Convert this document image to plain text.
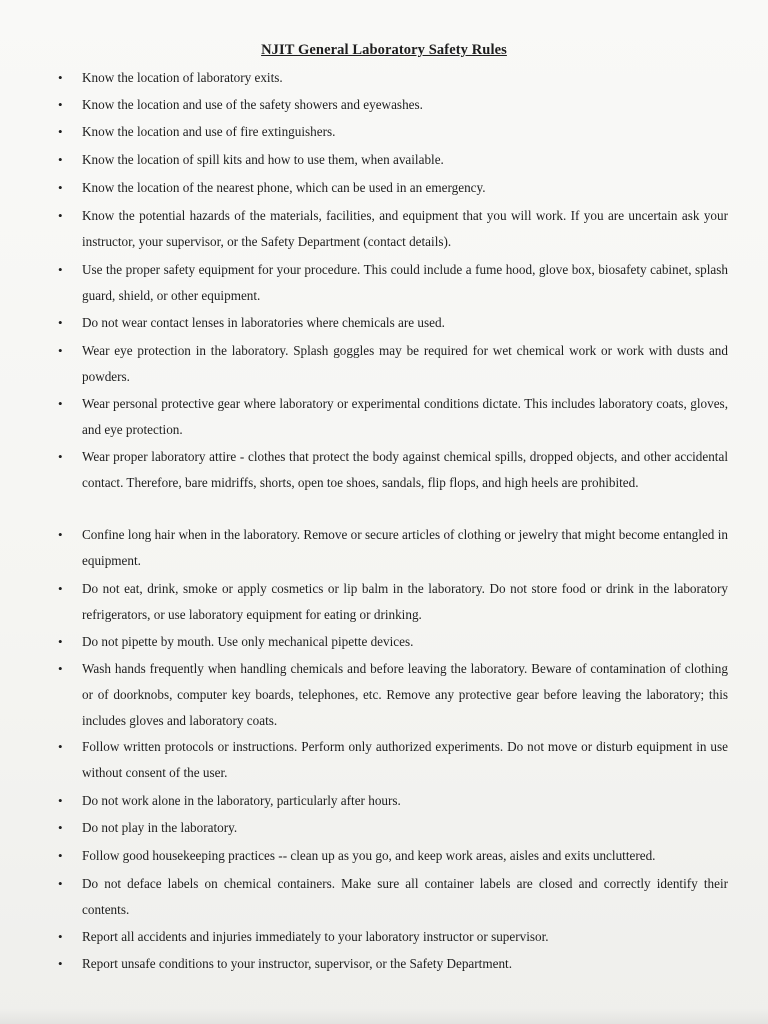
NJIT General Laboratory Safety Rules
• Know the location of laboratory exits.
• Know the location and use of the safety showers and eyewashes.
• Know the location and use of fire extinguishers.
• Know the location of spill kits and how to use them, when available.
• Know the location of the nearest phone, which can be used in an emergency.
• Know the potential hazards of the materials, facilities, and equipment that you will work. If you are uncertain ask your instructor, your supervisor, or the Safety Department (contact details).
• Use the proper safety equipment for your procedure. This could include a fume hood, glove box, biosafety cabinet, splash guard, shield, or other equipment.
• Do not wear contact lenses in laboratories where chemicals are used.
• Wear eye protection in the laboratory. Splash goggles may be required for wet chemical work or work with dusts and powders.
• Wear personal protective gear where laboratory or experimental conditions dictate. This includes laboratory coats, gloves, and eye protection.
• Wear proper laboratory attire - clothes that protect the body against chemical spills, dropped objects, and other accidental contact. Therefore, bare midriffs, shorts, open toe shoes, sandals, flip flops, and high heels are prohibited.
• Confine long hair when in the laboratory. Remove or secure articles of clothing or jewelry that might become entangled in equipment.
• Do not eat, drink, smoke or apply cosmetics or lip balm in the laboratory. Do not store food or drink in the laboratory refrigerators, or use laboratory equipment for eating or drinking.
• Do not pipette by mouth. Use only mechanical pipette devices.
• Wash hands frequently when handling chemicals and before leaving the laboratory. Beware of contamination of clothing or of doorknobs, computer key boards, telephones, etc. Remove any protective gear before leaving the laboratory; this includes gloves and laboratory coats.
• Follow written protocols or instructions. Perform only authorized experiments. Do not move or disturb equipment in use without consent of the user.
• Do not work alone in the laboratory, particularly after hours.
• Do not play in the laboratory.
• Follow good housekeeping practices -- clean up as you go, and keep work areas, aisles and exits uncluttered.
• Do not deface labels on chemical containers. Make sure all container labels are closed and correctly identify their contents.
• Report all accidents and injuries immediately to your laboratory instructor or supervisor.
• Report unsafe conditions to your instructor, supervisor, or the Safety Department.
